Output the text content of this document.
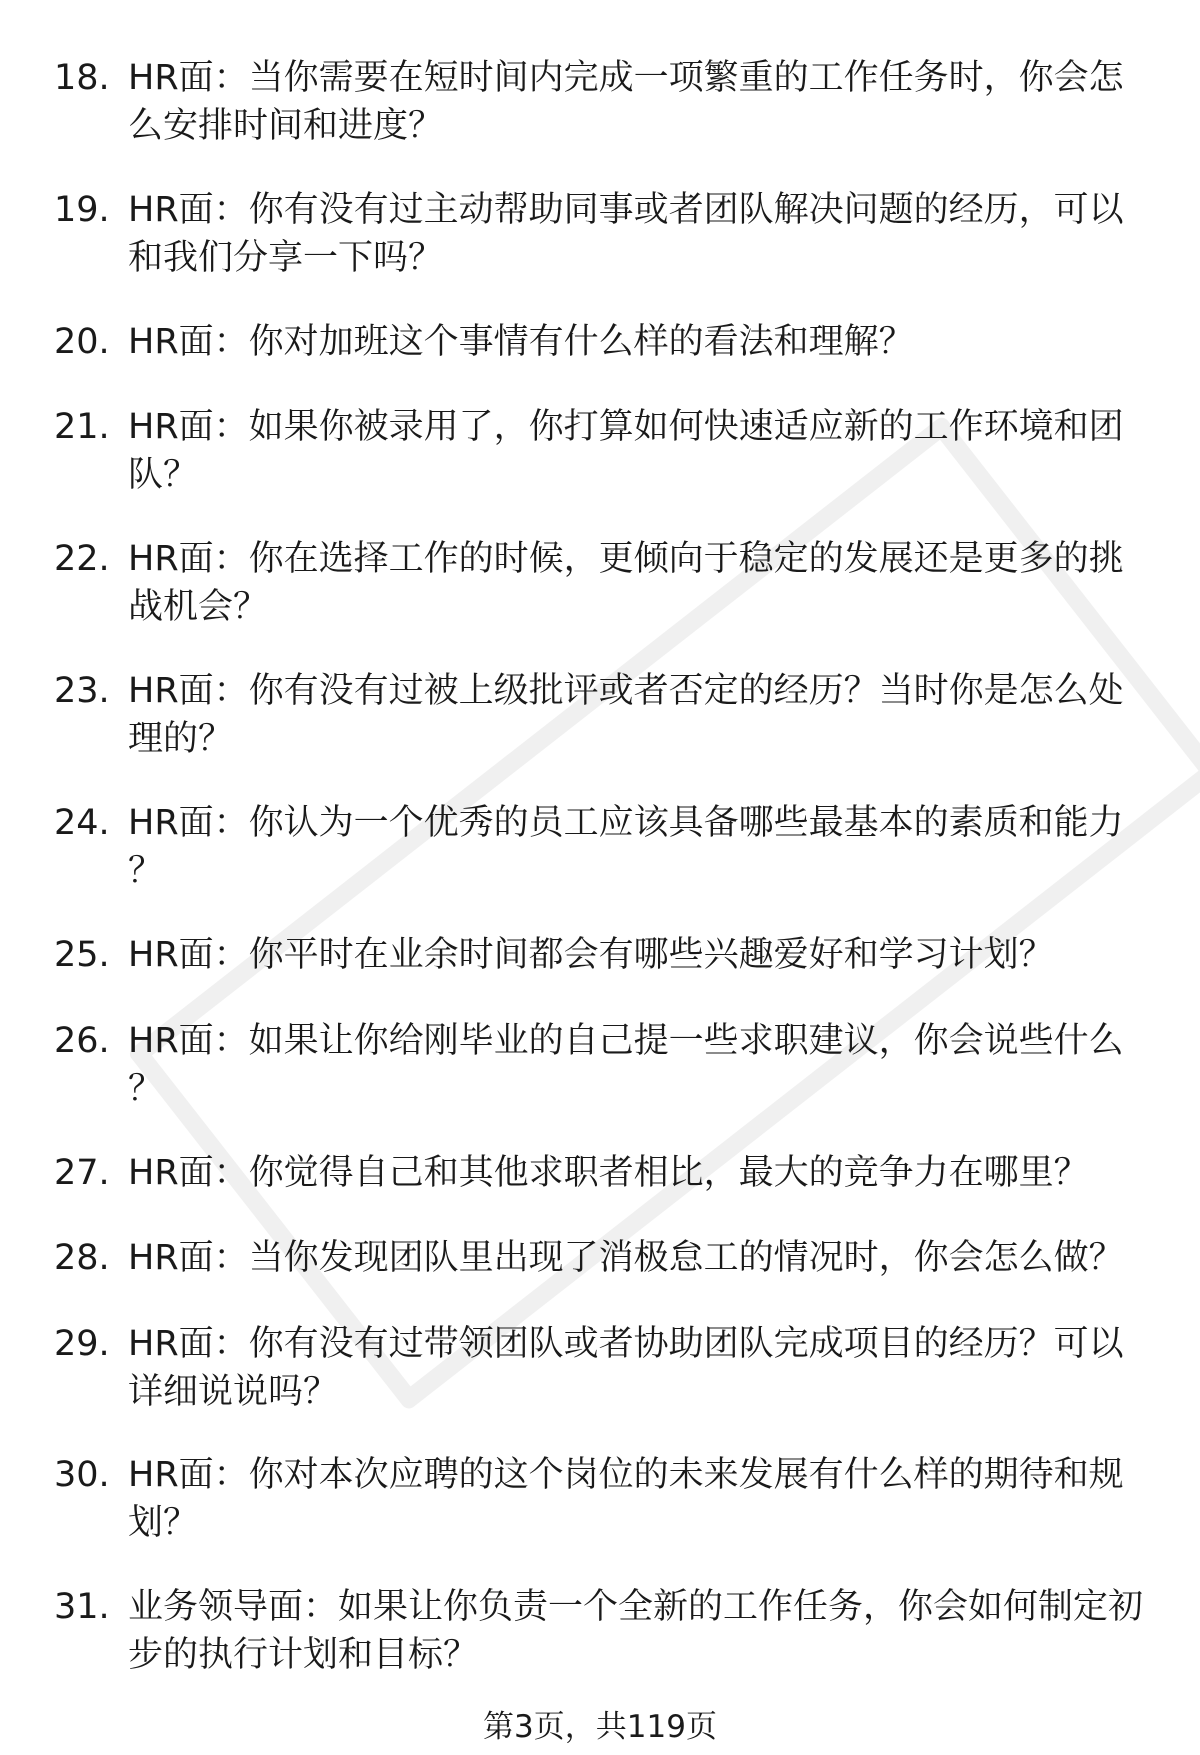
18. HR面：当你需要在短时间内完成一项繁重的工作任务时，你会怎么安排时间和进度？
19. HR面：你有没有过主动帮助同事或者团队解决问题的经历，可以和我们分享一下吗？
20. HR面：你对加班这个事情有什么样的看法和理解？
21. HR面：如果你被录用了，你打算如何快速适应新的工作环境和团队？
22. HR面：你在选择工作的时候，更倾向于稳定的发展还是更多的挑战机会？
23. HR面：你有没有过被上级批评或者否定的经历？当时你是怎么处理的？
24. HR面：你认为一个优秀的员工应该具备哪些最基本的素质和能力？
25. HR面：你平时在业余时间都会有哪些兴趣爱好和学习计划？
26. HR面：如果让你给刚毕业的自己提一些求职建议，你会说些什么？
27. HR面：你觉得自己和其他求职者相比，最大的竞争力在哪里？
28. HR面：当你发现团队里出现了消极怠工的情况时，你会怎么做？
29. HR面：你有没有过带领团队或者协助团队完成项目的经历？可以详细说说吗？
30. HR面：你对本次应聘的这个岗位的未来发展有什么样的期待和规划？
31. 业务领导面：如果让你负责一个全新的工作任务，你会如何制定初步的执行计划和目标？
第3页，共119页
